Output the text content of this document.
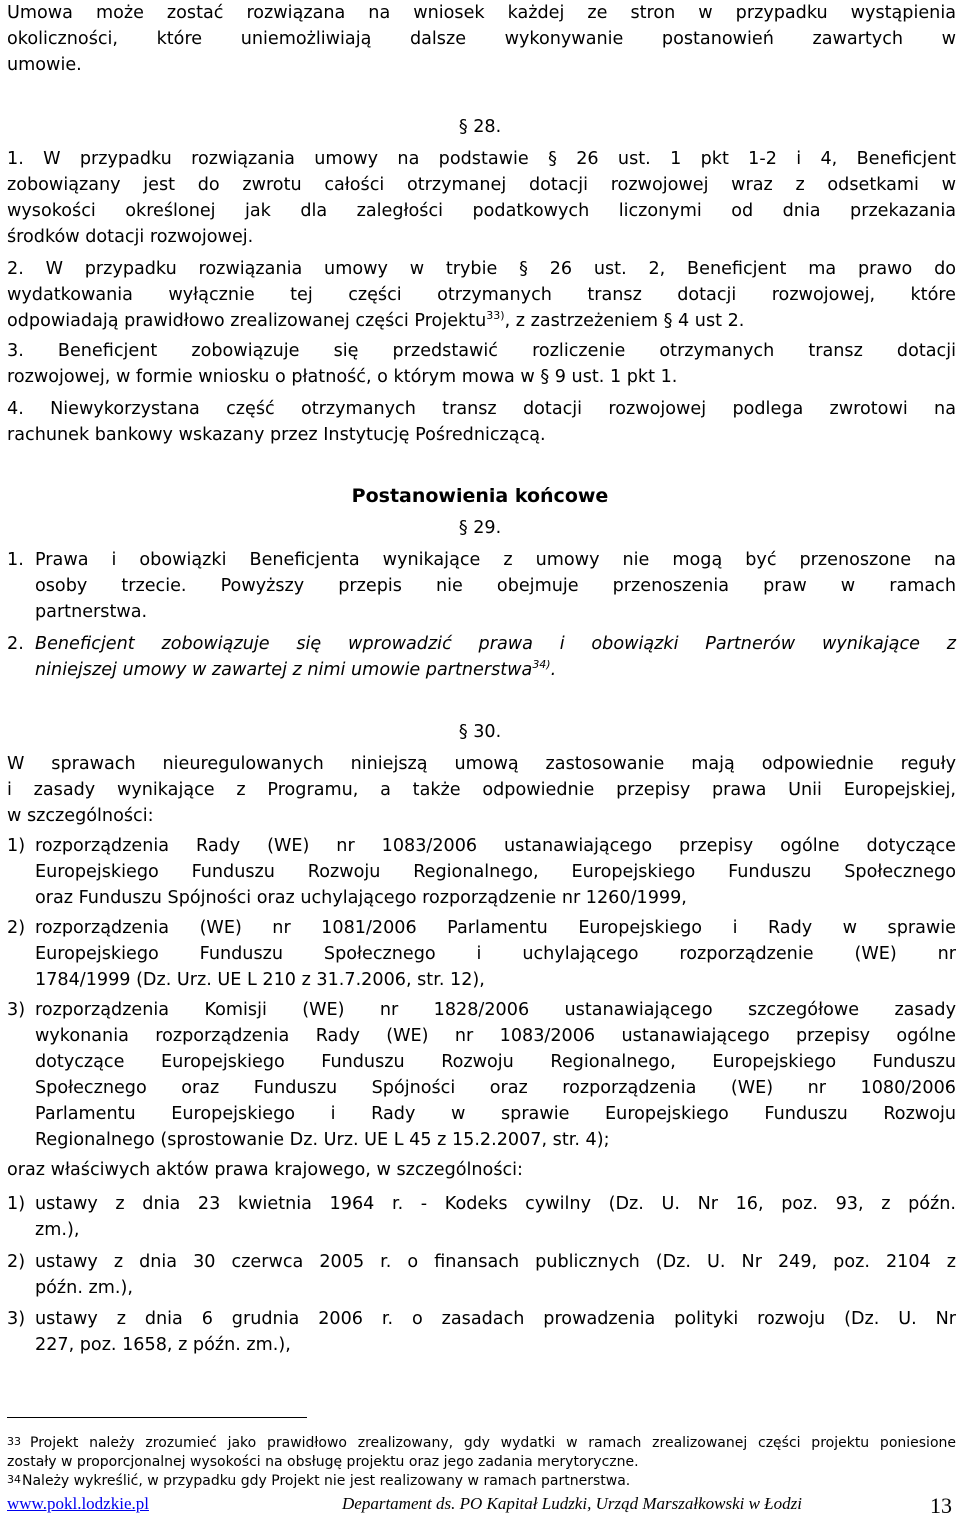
Umowa może zostać rozwiązana na wniosek każdej ze stron w przypadku wystąpienia
okoliczności, które uniemożliwiają dalsze wykonywanie postanowień zawartych w
umowie.
§ 28.
1. W przypadku rozwiązania umowy na podstawie § 26 ust. 1 pkt 1-2 i 4, Beneficjent
zobowiązany jest do zwrotu całości otrzymanej dotacji rozwojowej wraz z odsetkami w
wysokości określonej jak dla zaległości podatkowych liczonymi od dnia przekazania
środków dotacji rozwojowej.
2. W przypadku rozwiązania umowy w trybie § 26 ust. 2, Beneficjent ma prawo do
wydatkowania wyłącznie tej części otrzymanych transz dotacji rozwojowej, które
odpowiadają prawidłowo zrealizowanej części Projektu$^{33)}$, z zastrzeżeniem § 4 ust 2.
3. Beneficjent zobowiązuje się przedstawić rozliczenie otrzymanych transz dotacji
rozwojowej, w formie wniosku o płatność, o którym mowa w § 9 ust. 1 pkt 1.
4. Niewykorzystana część otrzymanych transz dotacji rozwojowej podlega zwrotowi na
rachunek bankowy wskazany przez Instytucję Pośredniczącą.
Postanowienia końcowe
§ 29.
1. Prawa i obowiązki Beneficjenta wynikające z umowy nie mogą być przenoszone na
osoby trzecie. Powyższy przepis nie obejmuje przenoszenia praw w ramach
partnerstwa.
2. Beneficjent zobowiązuje się wprowadzić prawa i obowiązki Partnerów wynikające z
niniejszej umowy w zawartej z nimi umowie partnerstwa$^{34)}$.
§ 30.
W sprawach nieuregulowanych niniejszą umową zastosowanie mają odpowiednie reguły
i zasady wynikające z Programu, a także odpowiednie przepisy prawa Unii Europejskiej,
w szczególności:
1) rozporządzenia Rady (WE) nr 1083/2006 ustanawiającego przepisy ogólne dotyczące
Europejskiego Funduszu Rozwoju Regionalnego, Europejskiego Funduszu Społecznego
oraz Funduszu Spójności oraz uchylającego rozporządzenie nr 1260/1999,
2) rozporządzenia (WE) nr 1081/2006 Parlamentu Europejskiego i Rady w sprawie
Europejskiego Funduszu Społecznego i uchylającego rozporządzenie (WE) nr
1784/1999 (Dz. Urz. UE L 210 z 31.7.2006, str. 12),
3) rozporządzenia Komisji (WE) nr 1828/2006 ustanawiającego szczegółowe zasady
wykonania rozporządzenia Rady (WE) nr 1083/2006 ustanawiającego przepisy ogólne
dotyczące Europejskiego Funduszu Rozwoju Regionalnego, Europejskiego Funduszu
Społecznego oraz Funduszu Spójności oraz rozporządzenia (WE) nr 1080/2006
Parlamentu Europejskiego i Rady w sprawie Europejskiego Funduszu Rozwoju
Regionalnego (sprostowanie Dz. Urz. UE L 45 z 15.2.2007, str. 4);
oraz właściwych aktów prawa krajowego, w szczególności:
1) ustawy z dnia 23 kwietnia 1964 r. - Kodeks cywilny (Dz. U. Nr 16, poz. 93, z późn.
zm.),
2) ustawy z dnia 30 czerwca 2005 r. o finansach publicznych (Dz. U. Nr 249, poz. 2104 z
późn. zm.),
3) ustawy z dnia 6 grudnia 2006 r. o zasadach prowadzenia polityki rozwoju (Dz. U. Nr
227, poz. 1658, z późn. zm.),
33 Projekt należy zrozumieć jako prawidłowo zrealizowany, gdy wydatki w ramach zrealizowanej części projektu poniesione
zostały w proporcjonalnej wysokości na obsługę projektu oraz jego zadania merytoryczne.
34 Należy wykreślić, w przypadku gdy Projekt nie jest realizowany w ramach partnerstwa.
www.pokl.lodzkie.pl	Departament ds. PO Kapitał Ludzki, Urząd Marszałkowski w Łodzi	13
